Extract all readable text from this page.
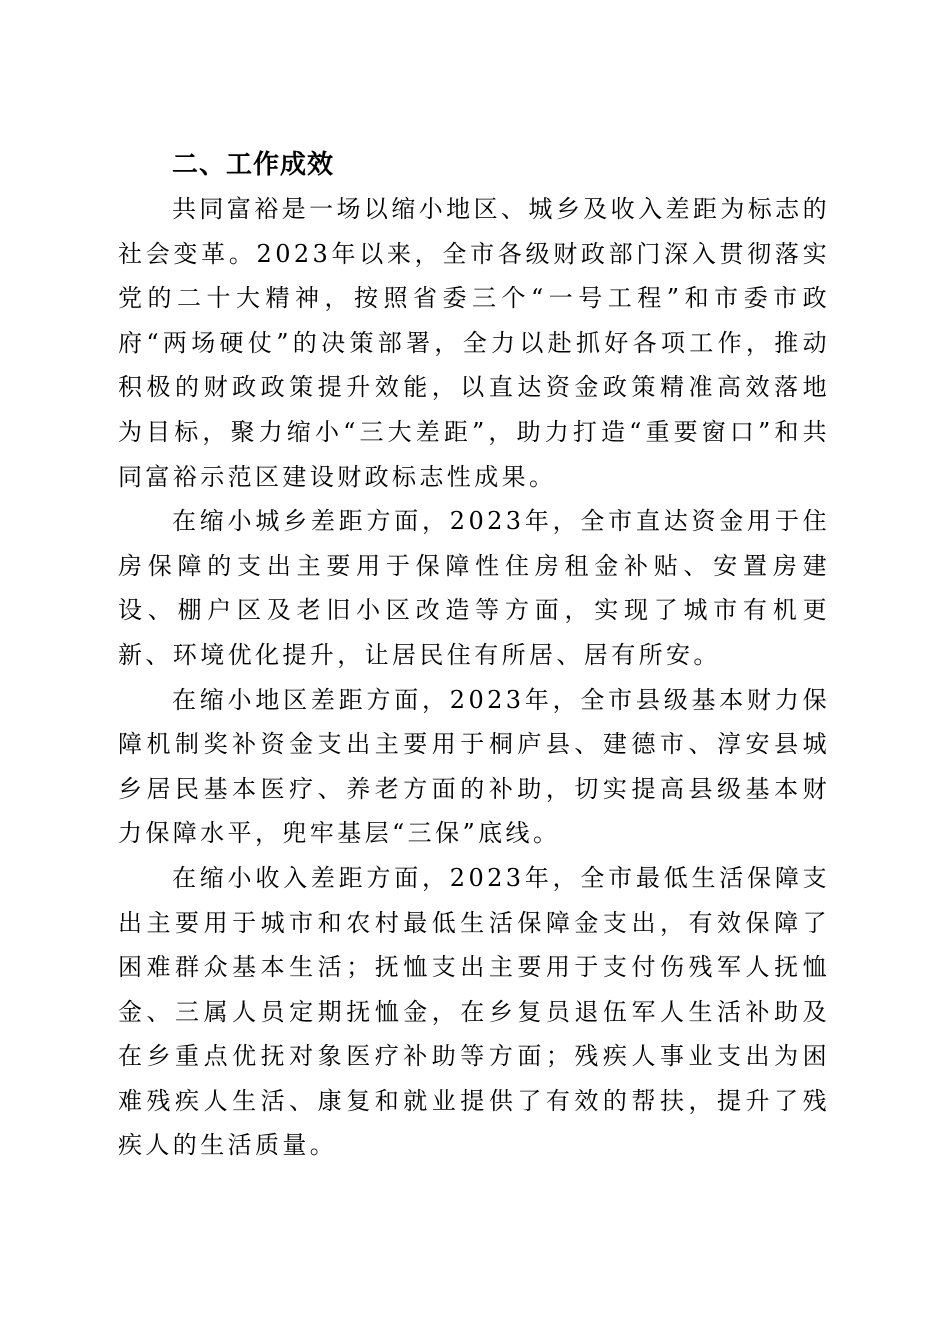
二、工作成效

共同富裕是一场以缩小地区、城乡及收入差距为标志的社会变革。2023年以来，全市各级财政部门深入贯彻落实党的二十大精神，按照省委三个“一号工程”和市委市政府“两场硬仗”的决策部署，全力以赴抓好各项工作，推动积极的财政政策提升效能，以直达资金政策精准高效落地为目标，聚力缩小“三大差距”，助力打造“重要窗口”和共同富裕示范区建设财政标志性成果。

在缩小城乡差距方面，2023年，全市直达资金用于住房保障的支出主要用于保障性住房租金补贴、安置房建设、棚户区及老旧小区改造等方面，实现了城市有机更新、环境优化提升，让居民住有所居、居有所安。

在缩小地区差距方面，2023年，全市县级基本财力保障机制奖补资金支出主要用于桐庐县、建德市、淳安县城乡居民基本医疗、养老方面的补助，切实提高县级基本财力保障水平，兜牢基层“三保”底线。

在缩小收入差距方面，2023年，全市最低生活保障支出主要用于城市和农村最低生活保障金支出，有效保障了困难群众基本生活；抚恤支出主要用于支付伤残军人抚恤金、三属人员定期抚恤金，在乡复员退伍军人生活补助及在乡重点优抚对象医疗补助等方面；残疾人事业支出为困难残疾人生活、康复和就业提供了有效的帮扶，提升了残疾人的生活质量。
